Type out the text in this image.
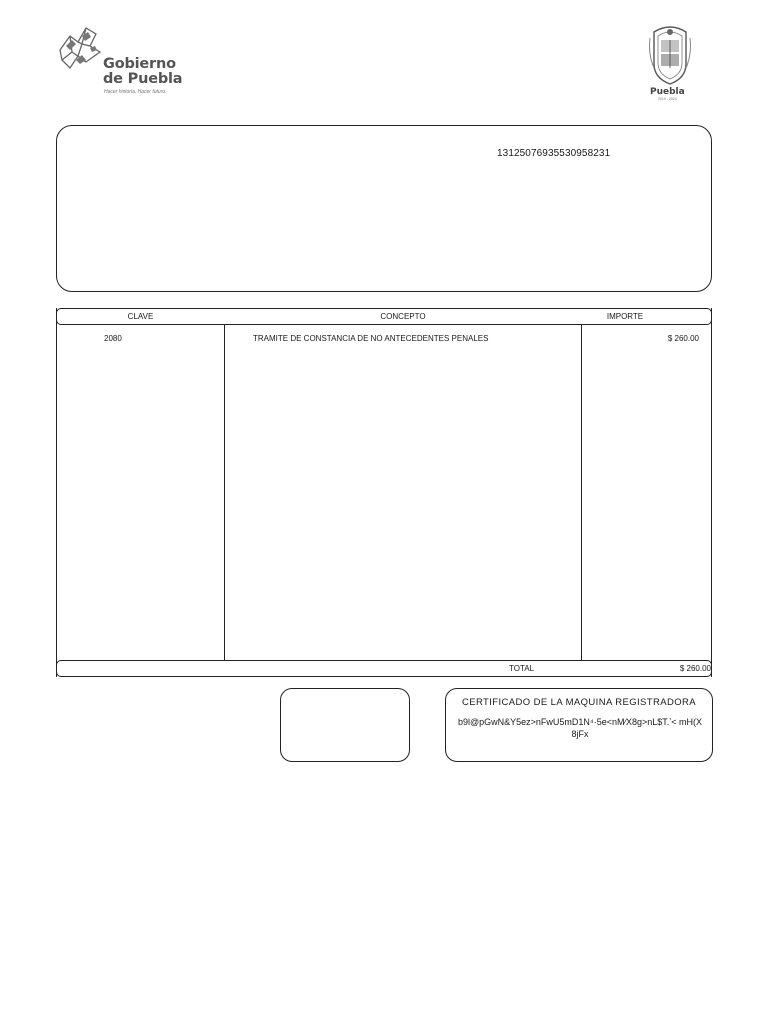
Gobierno
de Puebla
Hacer historia. Hacer futuro.	Puebla
2019 - 2024
13125076935530958231
CLAVE	CONCEPTO	IMPORTE
2080	TRAMITE DE CONSTANCIA DE NO ANTECEDENTES PENALES	$ 260.00
TOTAL	$ 260.00
CERTIFICADO DE LA MAQUINA REGISTRADORA
b9l@pGwN&Y5ez>nFwU5mD1N⁴·5e<nM⁄X8g>nL$T.ʼ< mH(X8jFx
